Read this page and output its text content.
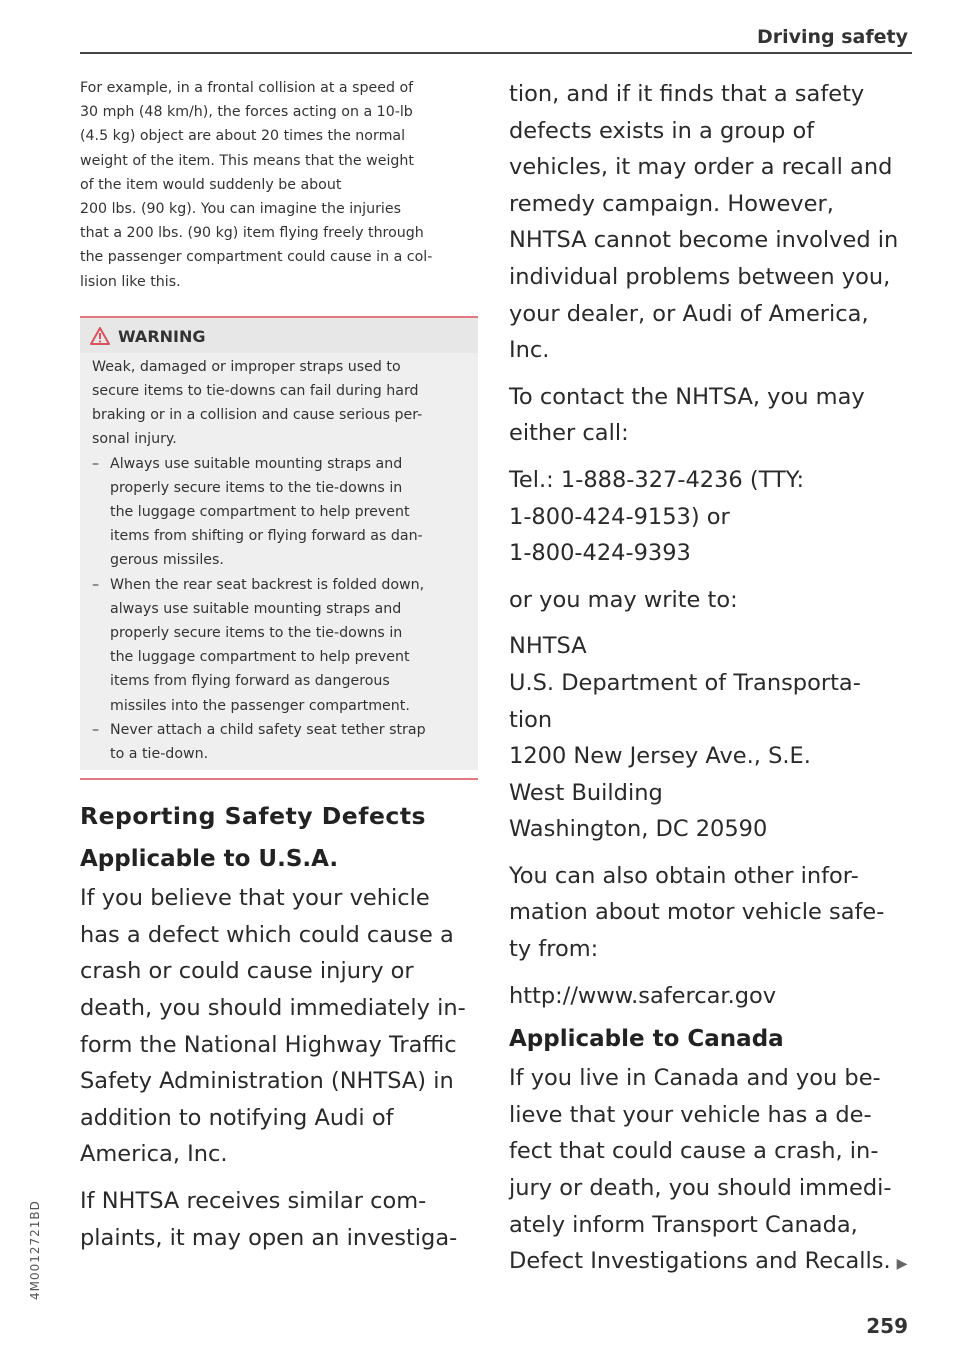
Driving safety
4M0012721BD

For example, in a frontal collision at a speed of
30 mph (48 km/h), the forces acting on a 10-lb
(4.5 kg) object are about 20 times the normal
weight of the item. This means that the weight
of the item would suddenly be about
200 lbs. (90 kg). You can imagine the injuries
that a 200 lbs. (90 kg) item flying freely through
the passenger compartment could cause in a col-
lision like this.

WARNING

Weak, damaged or improper straps used to
secure items to tie-downs can fail during hard
braking or in a collision and cause serious per-
sonal injury.

– Always use suitable mounting straps and
properly secure items to the tie-downs in
the luggage compartment to help prevent
items from shifting or flying forward as dan-
gerous missiles.
– When the rear seat backrest is folded down,
always use suitable mounting straps and
properly secure items to the tie-downs in
the luggage compartment to help prevent
items from flying forward as dangerous
missiles into the passenger compartment.
– Never attach a child safety seat tether strap
to a tie-down.
Reporting Safety Defects
Applicable to U.S.A.

If you believe that your vehicle
has a defect which could cause a
crash or could cause injury or
death, you should immediately in-
form the National Highway Traffic
Safety Administration (NHTSA) in
addition to notifying Audi of
America, Inc.

If NHTSA receives similar com-
plaints, it may open an investiga-

tion, and if it finds that a safety
defects exists in a group of
vehicles, it may order a recall and
remedy campaign. However,
NHTSA cannot become involved in
individual problems between you,
your dealer, or Audi of America,
Inc.

To contact the NHTSA, you may
either call:

Tel.: 1-888-327-4236 (TTY:
1-800-424-9153) or
1-800-424-9393

or you may write to:

NHTSA
U.S. Department of Transporta-
tion
1200 New Jersey Ave., S.E.
West Building
Washington, DC 20590

You can also obtain other infor-
mation about motor vehicle safe-
ty from:

http://www.safercar.gov

Applicable to Canada

If you live in Canada and you be-
lieve that your vehicle has a de-
fect that could cause a crash, in-
jury or death, you should immedi-
ately inform Transport Canada,
Defect Investigations and Recalls. ▶

259
